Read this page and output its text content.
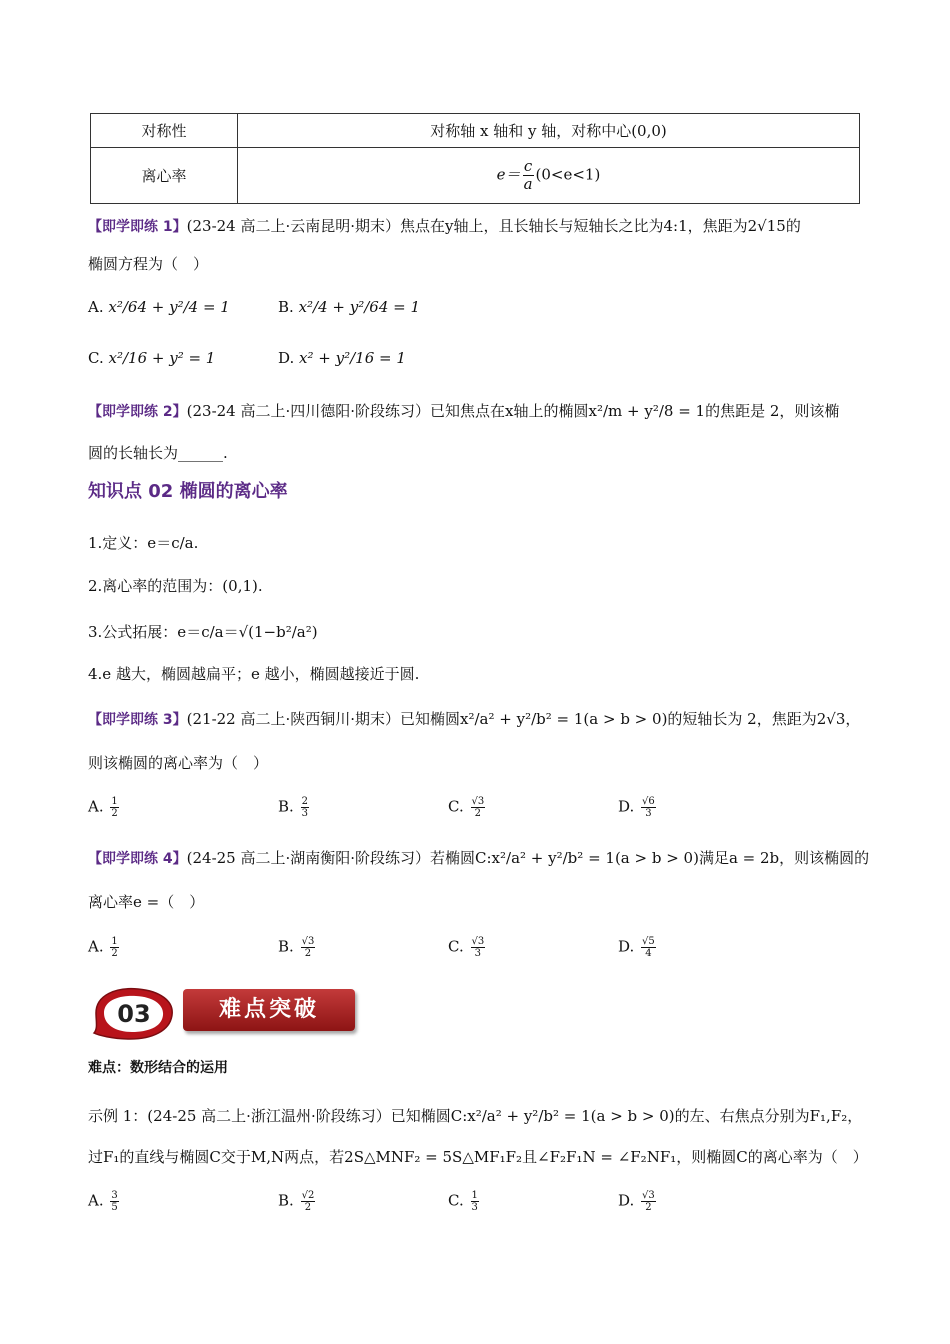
对称性	对称轴 x 轴和 y 轴，对称中心(0,0)
离心率	$e= \frac{c}{a} (0<e<1)$
【即学即练 1】(23-24 高二上·云南昆明·期末）焦点在y轴上，且长轴长与短轴长之比为4:1，焦距为2√15的
椭圆方程为（　）
A. x²/64 + y²/4 = 1	B. x²/4 + y²/64 = 1
C. x²/16 + y² = 1	D. x² + y²/16 = 1
【即学即练 2】(23-24 高二上·四川德阳·阶段练习）已知焦点在x轴上的椭圆x²/m + y²/8 = 1的焦距是 2，则该椭
圆的长轴长为______.
知识点 02 椭圆的离心率
1.定义：e＝c/a.
2.离心率的范围为：(0,1).
3.公式拓展：e＝c/a＝√(1−b²/a²)
4.e 越大，椭圆越扁平；e 越小，椭圆越接近于圆.
【即学即练 3】(21-22 高二上·陕西铜川·期末）已知椭圆x²/a² + y²/b² = 1(a > b > 0)的短轴长为 2，焦距为2√3，
则该椭圆的离心率为（　）
A. $\frac{1}{2}$	B. $\frac{2}{3}$	C. $\frac{√3}{2}$	D. $\frac{√6}{3}$
【即学即练 4】(24-25 高二上·湖南衡阳·阶段练习）若椭圆C:x²/a² + y²/b² = 1(a > b > 0)满足a = 2b，则该椭圆的
离心率e =（　）
A. $\frac{1}{2}$	B. $\frac{√3}{2}$	C. $\frac{√3}{3}$	D. $\frac{√5}{4}$
03	难点突破
难点：数形结合的运用
示例 1：(24-25 高二上·浙江温州·阶段练习）已知椭圆C:x²/a² + y²/b² = 1(a > b > 0)的左、右焦点分别为F₁,F₂，
过F₁的直线与椭圆C交于M,N两点，若2S△MNF₂ = 5S△MF₁F₂且∠F₂F₁N = ∠F₂NF₁，则椭圆C的离心率为（　）
A. $\frac{3}{5}$	B. $\frac{√2}{2}$	C. $\frac{1}{3}$	D. $\frac{√3}{2}$
